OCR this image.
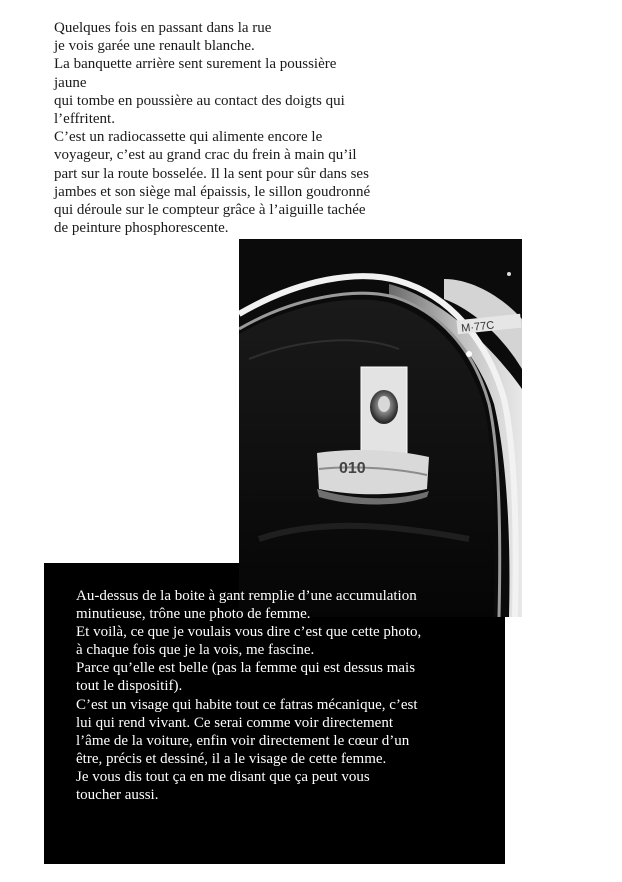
Quelques fois en passant dans la rue
je vois garée une renault blanche.
La banquette arrière sent surement la poussière
jaune
qui tombe en poussière au contact des doigts qui
l’effritent.
C’est un radiocassette qui alimente encore le
voyageur, c’est au grand crac du frein à main qu’il
part sur la route bosselée. Il la sent pour sûr dans ses
jambes et son siège mal épaissis, le sillon goudronné
qui déroule sur le compteur grâce à l’aiguille tachée
de peinture phosphorescente.
M·77C
010
Au-dessus de la boite à gant remplie d’une accumulation
minutieuse, trône une photo de femme.
Et voilà, ce que je voulais vous dire c’est que cette photo,
à chaque fois que je la vois, me fascine.
Parce qu’elle est belle (pas la femme qui est dessus mais
tout le dispositif).
C’est un visage qui habite tout ce fatras mécanique, c’est
lui qui rend vivant. Ce serai comme voir directement
l’âme de la voiture, enfin voir directement le cœur d’un
être, précis et dessiné, il a le visage de cette femme.
Je vous dis tout ça en me disant que ça peut vous
toucher aussi.
